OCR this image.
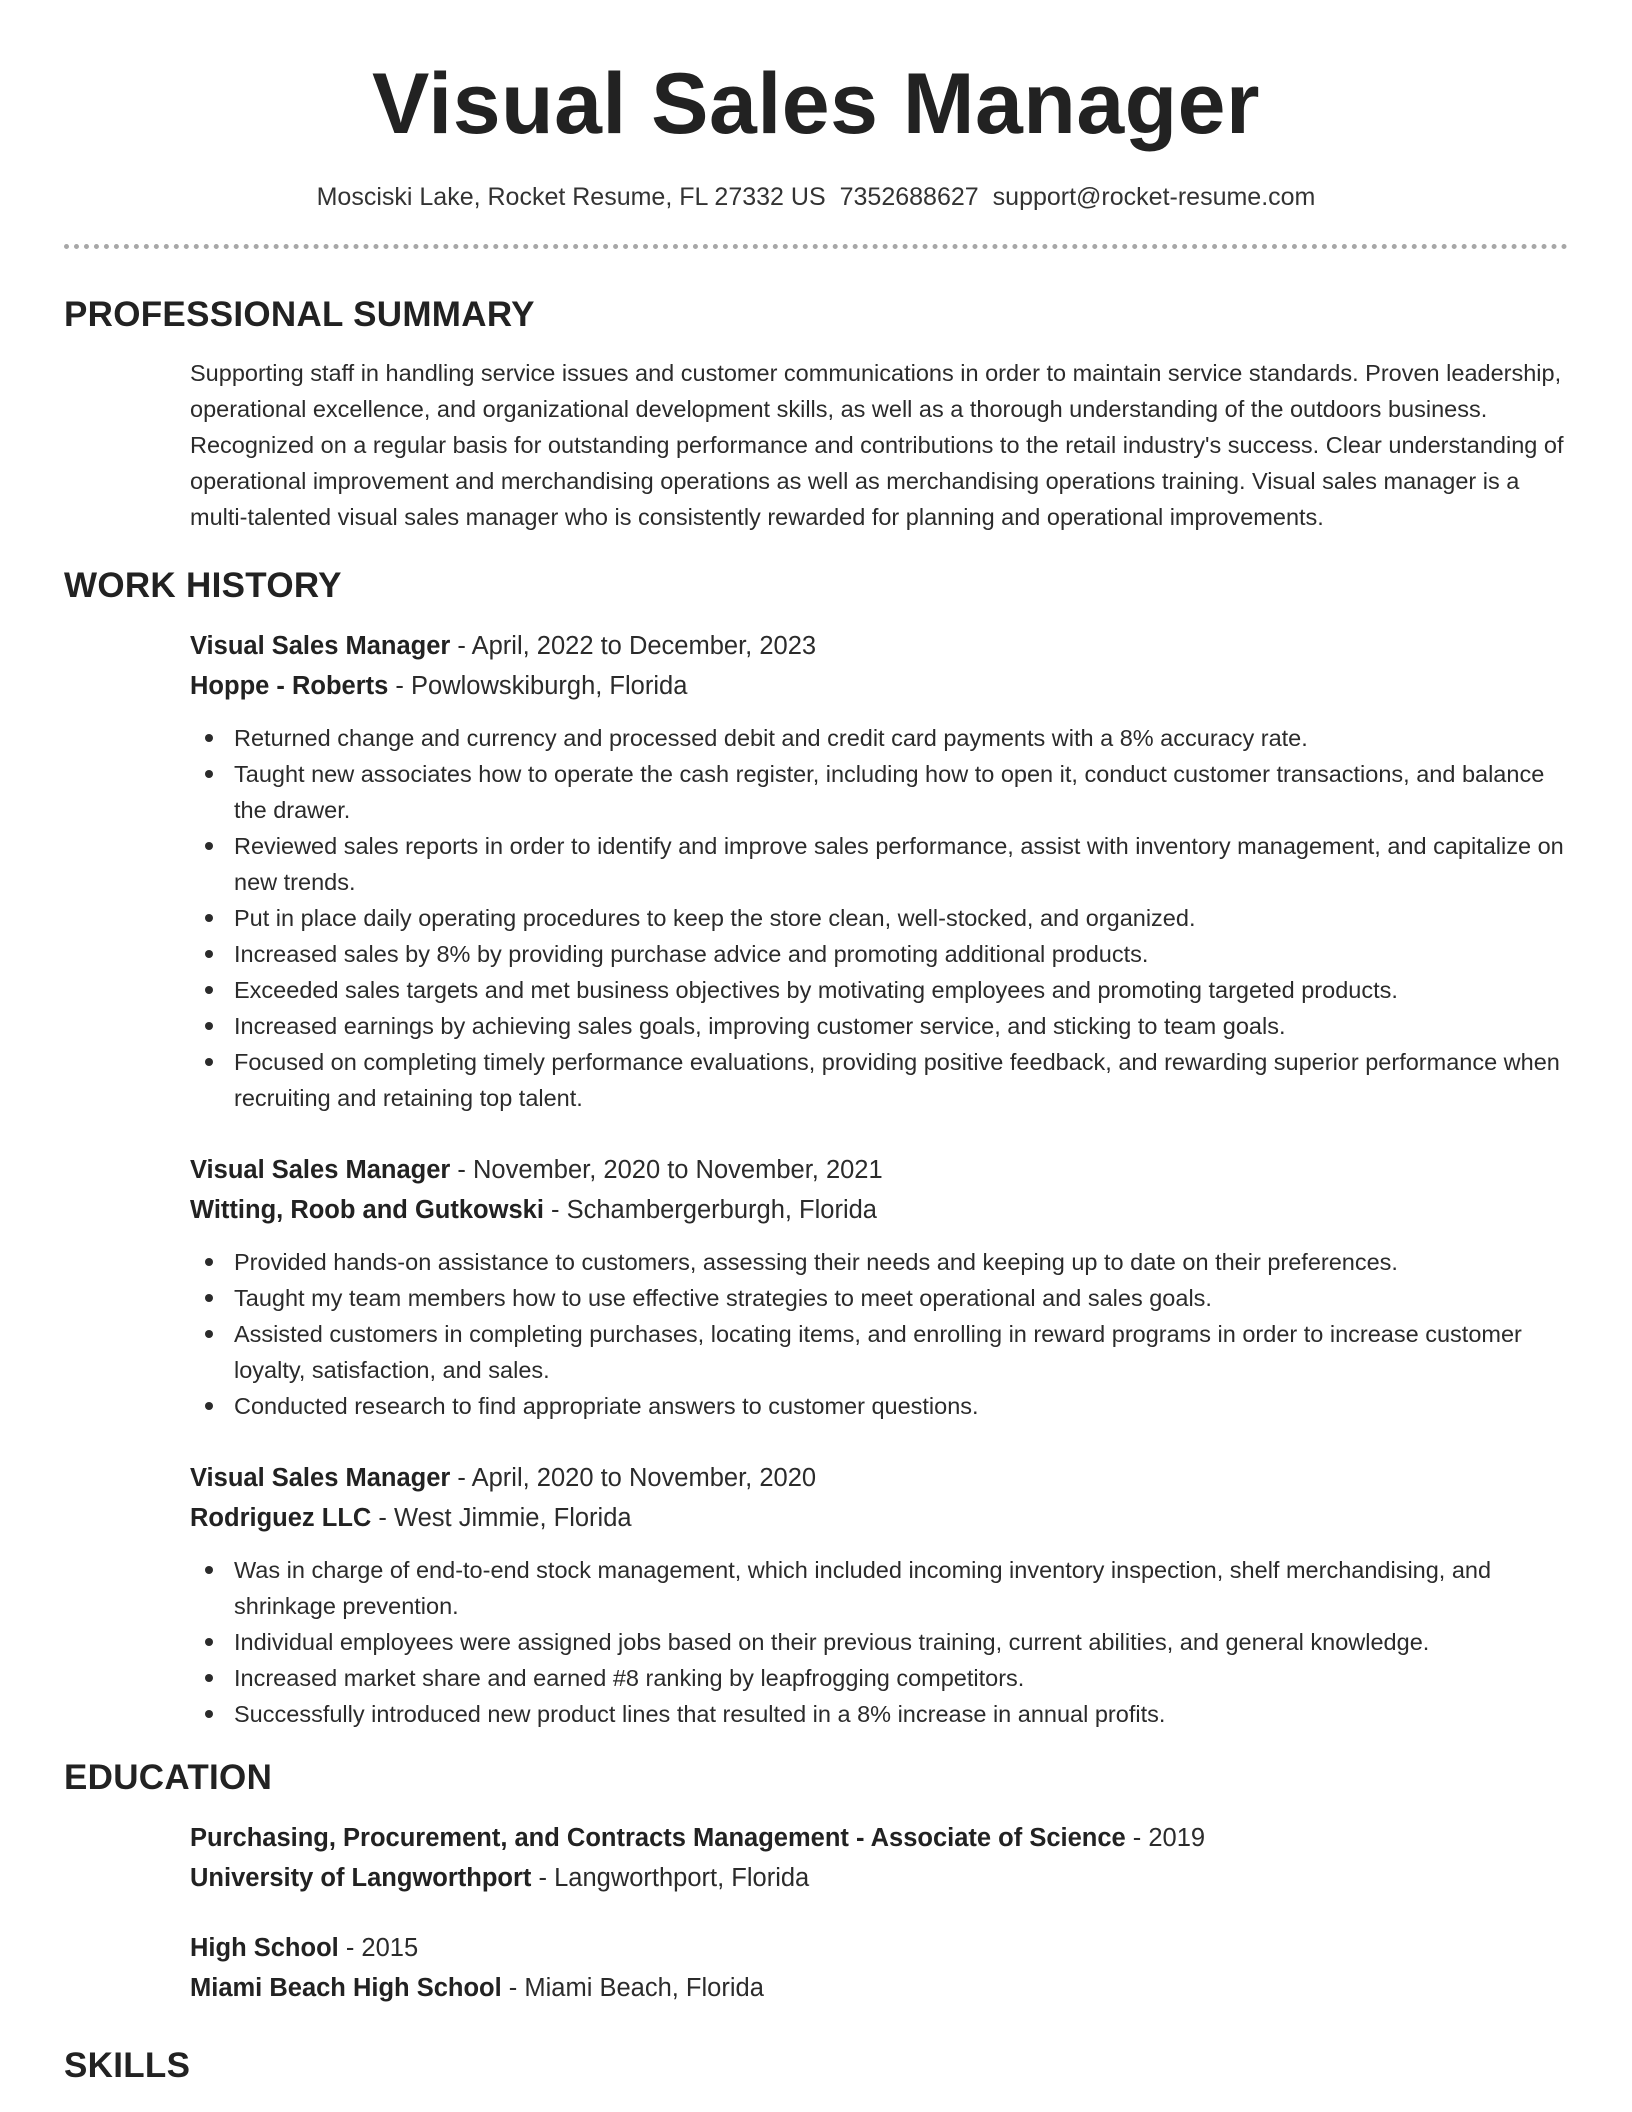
Visual Sales Manager
Mosciski Lake, Rocket Resume, FL 27332 US 7352688627 support@rocket-resume.com
PROFESSIONAL SUMMARY

Supporting staff in handling service issues and customer communications in order to maintain service standards. Proven leadership, operational excellence, and organizational development skills, as well as a thorough understanding of the outdoors business. Recognized on a regular basis for outstanding performance and contributions to the retail industry's success. Clear understanding of operational improvement and merchandising operations as well as merchandising operations training. Visual sales manager is a multi-talented visual sales manager who is consistently rewarded for planning and operational improvements.

WORK HISTORY
Visual Sales Manager - April, 2022 to December, 2023
Hoppe - Roberts - Powlowskiburgh, Florida
Returned change and currency and processed debit and credit card payments with a 8% accuracy rate.
Taught new associates how to operate the cash register, including how to open it, conduct customer transactions, and balance the drawer.
Reviewed sales reports in order to identify and improve sales performance, assist with inventory management, and capitalize on new trends.
Put in place daily operating procedures to keep the store clean, well-stocked, and organized.
Increased sales by 8% by providing purchase advice and promoting additional products.
Exceeded sales targets and met business objectives by motivating employees and promoting targeted products.
Increased earnings by achieving sales goals, improving customer service, and sticking to team goals.
Focused on completing timely performance evaluations, providing positive feedback, and rewarding superior performance when recruiting and retaining top talent.
Visual Sales Manager - November, 2020 to November, 2021
Witting, Roob and Gutkowski - Schambergerburgh, Florida
Provided hands-on assistance to customers, assessing their needs and keeping up to date on their preferences.
Taught my team members how to use effective strategies to meet operational and sales goals.
Assisted customers in completing purchases, locating items, and enrolling in reward programs in order to increase customer loyalty, satisfaction, and sales.
Conducted research to find appropriate answers to customer questions.
Visual Sales Manager - April, 2020 to November, 2020
Rodriguez LLC - West Jimmie, Florida
Was in charge of end-to-end stock management, which included incoming inventory inspection, shelf merchandising, and shrinkage prevention.
Individual employees were assigned jobs based on their previous training, current abilities, and general knowledge.
Increased market share and earned #8 ranking by leapfrogging competitors.
Successfully introduced new product lines that resulted in a 8% increase in annual profits.
EDUCATION
Purchasing, Procurement, and Contracts Management - Associate of Science - 2019
University of Langworthport - Langworthport, Florida
High School - 2015
Miami Beach High School - Miami Beach, Florida
SKILLS
